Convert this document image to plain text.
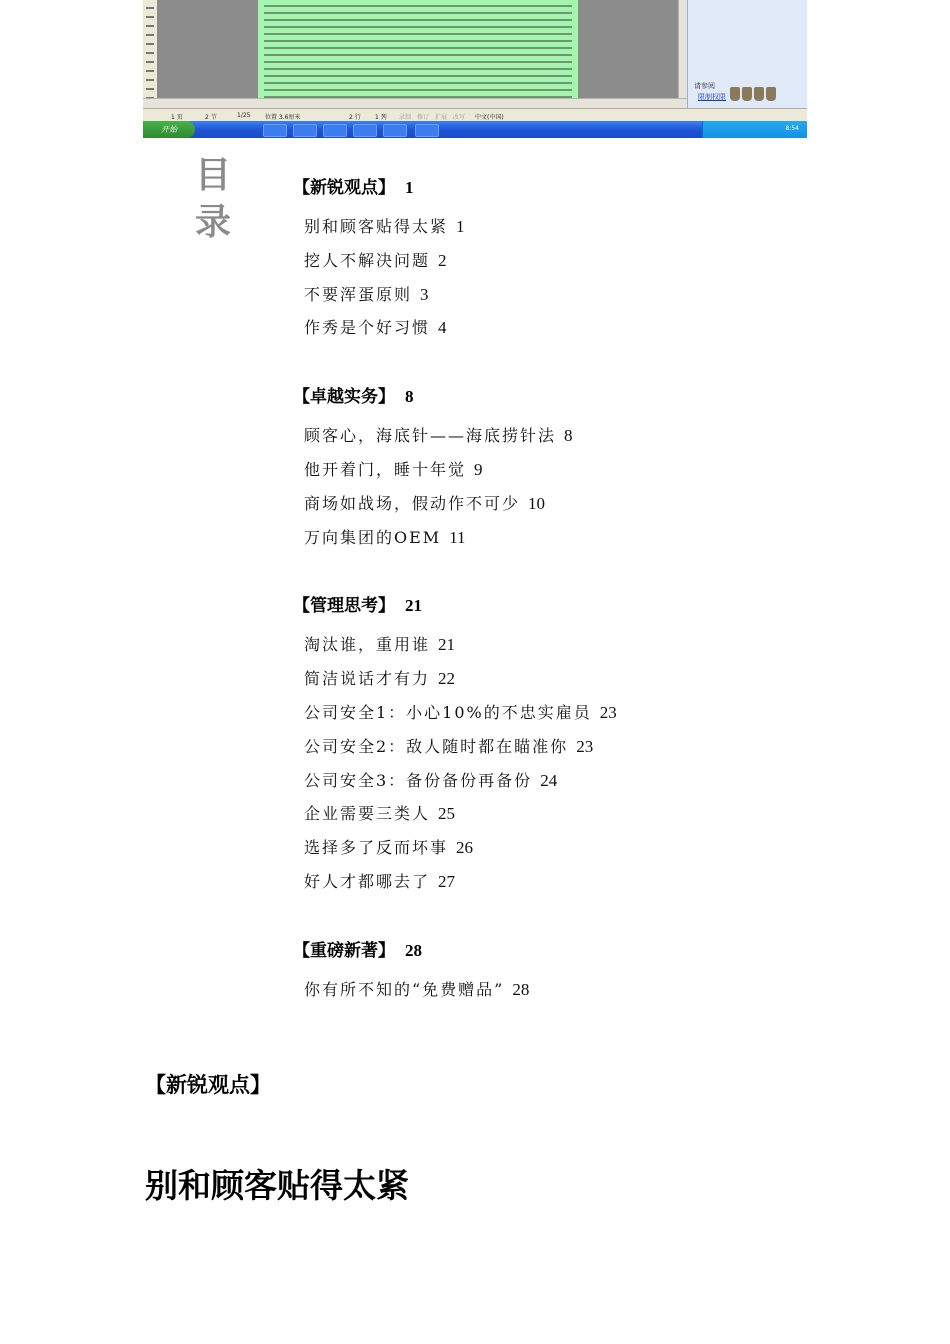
请参阅
限制权限
1 页	2 节	1/25 位置 3.6厘米	2 行 1 列 录制 修订 扩展 改写 中文(中国)
开始	8:54
目
录
【新锐观点】 1
别和顾客贴得太紧 1
挖人不解决问题 2
不要浑蛋原则 3
作秀是个好习惯 4
【卓越实务】 8
顾客心，海底针——海底捞针法 8
他开着门，睡十年觉 9
商场如战场，假动作不可少 10
万向集团的OEM 11
【管理思考】 21
淘汰谁，重用谁 21
简洁说话才有力 22
公司安全1：小心10%的不忠实雇员 23
公司安全2：敌人随时都在瞄准你 23
公司安全3：备份备份再备份 24
企业需要三类人 25
选择多了反而坏事 26
好人才都哪去了 27
【重磅新著】 28
你有所不知的“免费赠品” 28
【新锐观点】
别和顾客贴得太紧
